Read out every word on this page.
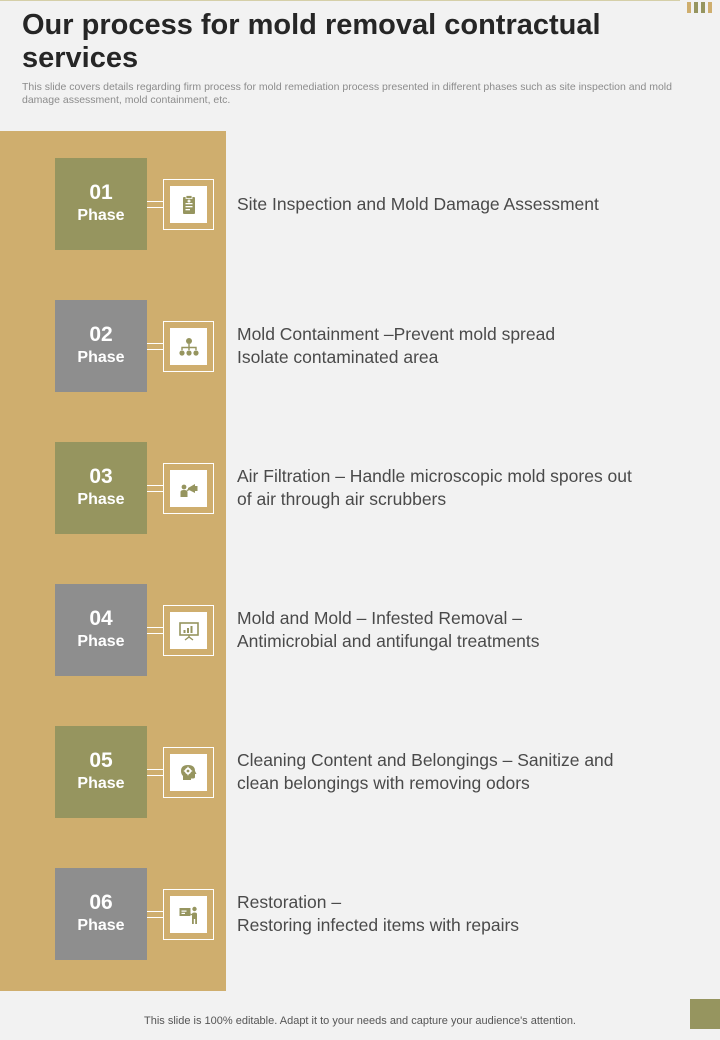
Our process for mold removal contractual services
This slide covers details regarding firm process for mold remediation process presented in different phases such as site inspection and mold damage assessment, mold containment, etc.
01
Phase
Site Inspection and Mold Damage Assessment
02
Phase
Mold Containment –Prevent mold spread
Isolate contaminated area
03
Phase
Air Filtration – Handle microscopic mold spores out
of air through air scrubbers
04
Phase
Mold and Mold – Infested Removal –
Antimicrobial and antifungal treatments
05
Phase
Cleaning Content and Belongings – Sanitize and
clean belongings with removing odors
06
Phase
Restoration –
Restoring infected items with repairs
This slide is 100% editable. Adapt it to your needs and capture your audience's attention.
